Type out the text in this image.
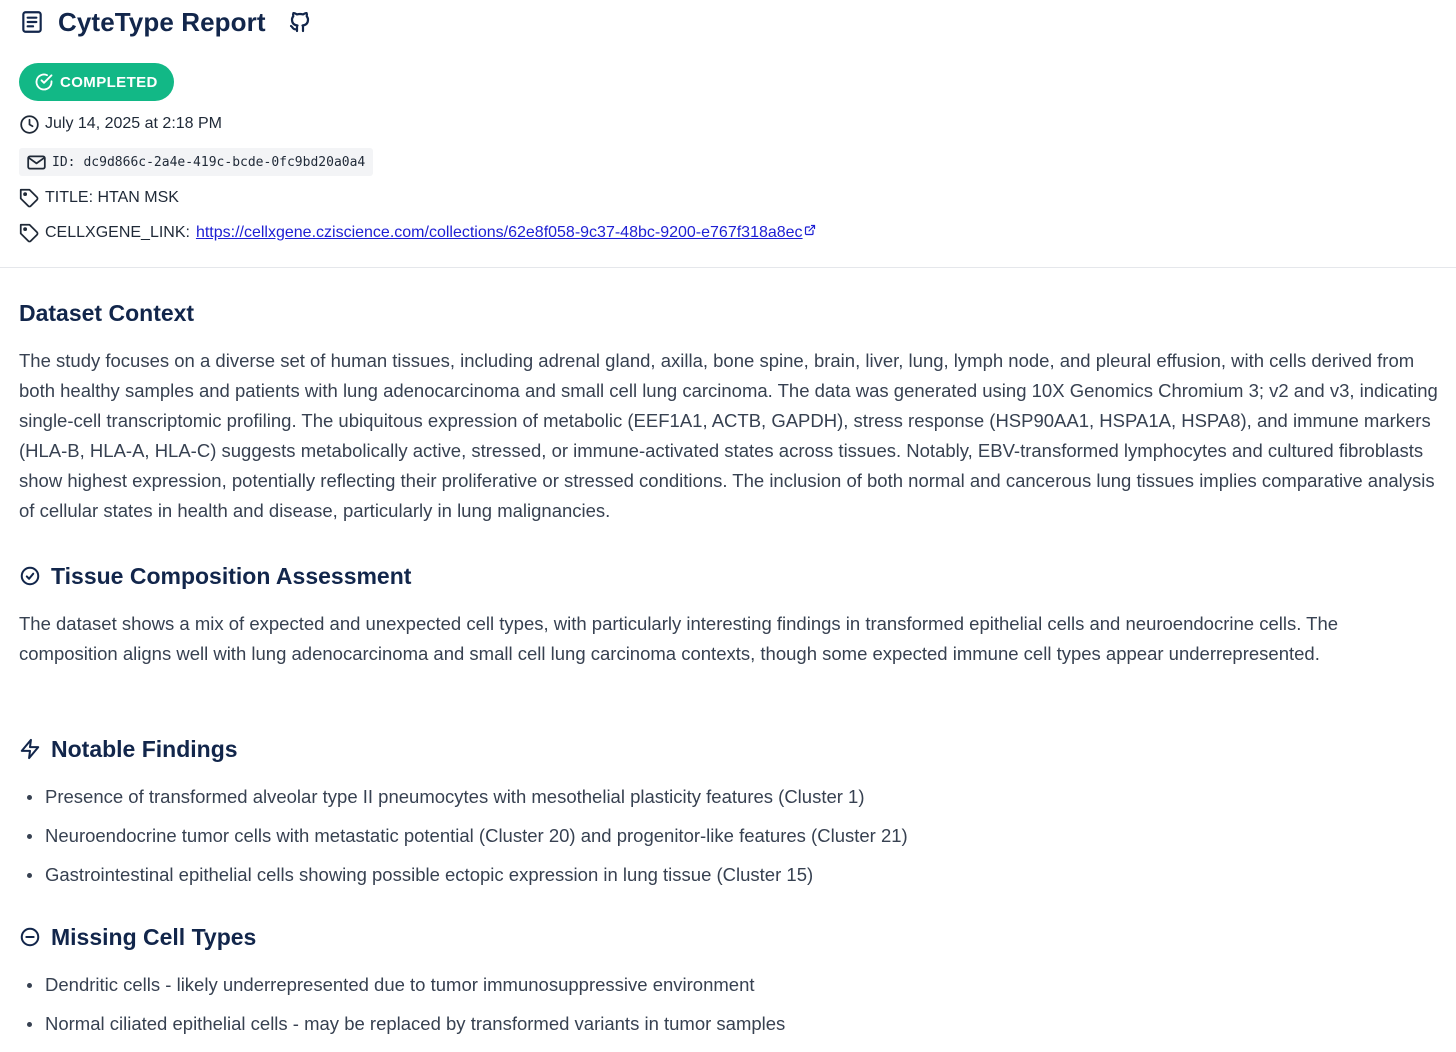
CyteType Report
COMPLETED
July 14, 2025 at 2:18 PM
ID: dc9d866c-2a4e-419c-bcde-0fc9bd20a0a4
TITLE: HTAN MSK
CELLXGENE_LINK: https://cellxgene.cziscience.com/collections/62e8f058-9c37-48bc-9200-e767f318a8ec
Dataset Context

The study focuses on a diverse set of human tissues, including adrenal gland, axilla, bone spine, brain, liver, lung, lymph node, and pleural effusion, with cells derived from both healthy samples and patients with lung adenocarcinoma and small cell lung carcinoma. The data was generated using 10X Genomics Chromium 3; v2 and v3, indicating single-cell transcriptomic profiling. The ubiquitous expression of metabolic (EEF1A1, ACTB, GAPDH), stress response (HSP90AA1, HSPA1A, HSPA8), and immune markers (HLA-B, HLA-A, HLA-C) suggests metabolically active, stressed, or immune-activated states across tissues. Notably, EBV-transformed lymphocytes and cultured fibroblasts show highest expression, potentially reflecting their proliferative or stressed conditions. The inclusion of both normal and cancerous lung tissues implies comparative analysis of cellular states in health and disease, particularly in lung malignancies.

Tissue Composition Assessment

The dataset shows a mix of expected and unexpected cell types, with particularly interesting findings in transformed epithelial cells and neuroendocrine cells. The composition aligns well with lung adenocarcinoma and small cell lung carcinoma contexts, though some expected immune cell types appear underrepresented.

Notable Findings
Presence of transformed alveolar type II pneumocytes with mesothelial plasticity features (Cluster 1)
Neuroendocrine tumor cells with metastatic potential (Cluster 20) and progenitor-like features (Cluster 21)
Gastrointestinal epithelial cells showing possible ectopic expression in lung tissue (Cluster 15)
Missing Cell Types
Dendritic cells - likely underrepresented due to tumor immunosuppressive environment
Normal ciliated epithelial cells - may be replaced by transformed variants in tumor samples
